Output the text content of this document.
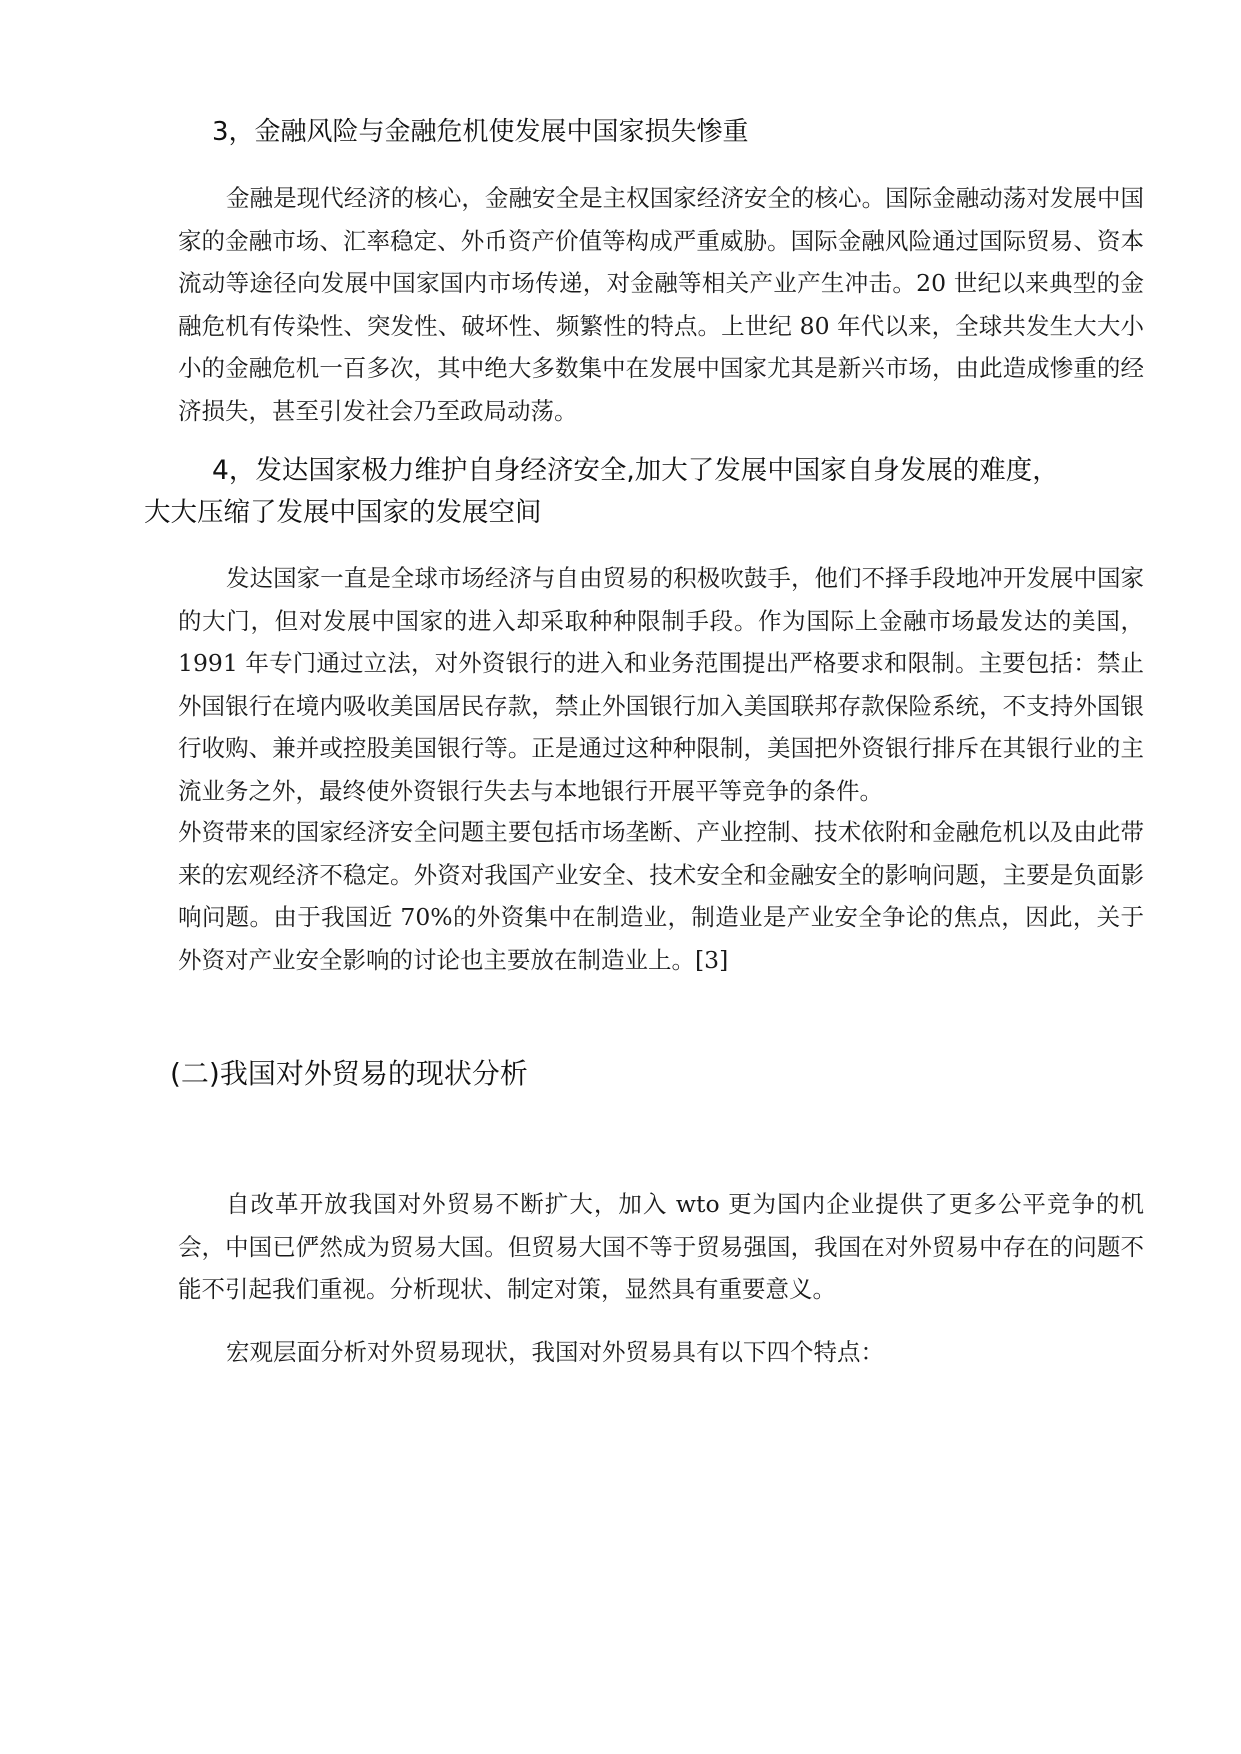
3，金融风险与金融危机使发展中国家损失惨重

金融是现代经济的核心，金融安全是主权国家经济安全的核心。国际金融动荡对发展中国家的金融市场、汇率稳定、外币资产价值等构成严重威胁。国际金融风险通过国际贸易、资本流动等途径向发展中国家国内市场传递，对金融等相关产业产生冲击。20 世纪以来典型的金融危机有传染性、突发性、破坏性、频繁性的特点。上世纪 80 年代以来，全球共发生大大小小的金融危机一百多次，其中绝大多数集中在发展中国家尤其是新兴市场，由此造成惨重的经济损失，甚至引发社会乃至政局动荡。

4，发达国家极力维护自身经济安全,加大了发展中国家自身发展的难度，
大大压缩了发展中国家的发展空间

发达国家一直是全球市场经济与自由贸易的积极吹鼓手，他们不择手段地冲开发展中国家的大门，但对发展中国家的进入却采取种种限制手段。作为国际上金融市场最发达的美国，1991 年专门通过立法，对外资银行的进入和业务范围提出严格要求和限制。主要包括：禁止外国银行在境内吸收美国居民存款，禁止外国银行加入美国联邦存款保险系统，不支持外国银行收购、兼并或控股美国银行等。正是通过这种种限制，美国把外资银行排斥在其银行业的主流业务之外，最终使外资银行失去与本地银行开展平等竞争的条件。

外资带来的国家经济安全问题主要包括市场垄断、产业控制、技术依附和金融危机以及由此带来的宏观经济不稳定。外资对我国产业安全、技术安全和金融安全的影响问题，主要是负面影响问题。由于我国近 70%的外资集中在制造业，制造业是产业安全争论的焦点，因此，关于外资对产业安全影响的讨论也主要放在制造业上。[3]

(二)我国对外贸易的现状分析

自改革开放我国对外贸易不断扩大，加入 wto 更为国内企业提供了更多公平竞争的机会，中国已俨然成为贸易大国。但贸易大国不等于贸易强国，我国在对外贸易中存在的问题不能不引起我们重视。分析现状、制定对策，显然具有重要意义。

宏观层面分析对外贸易现状，我国对外贸易具有以下四个特点：
